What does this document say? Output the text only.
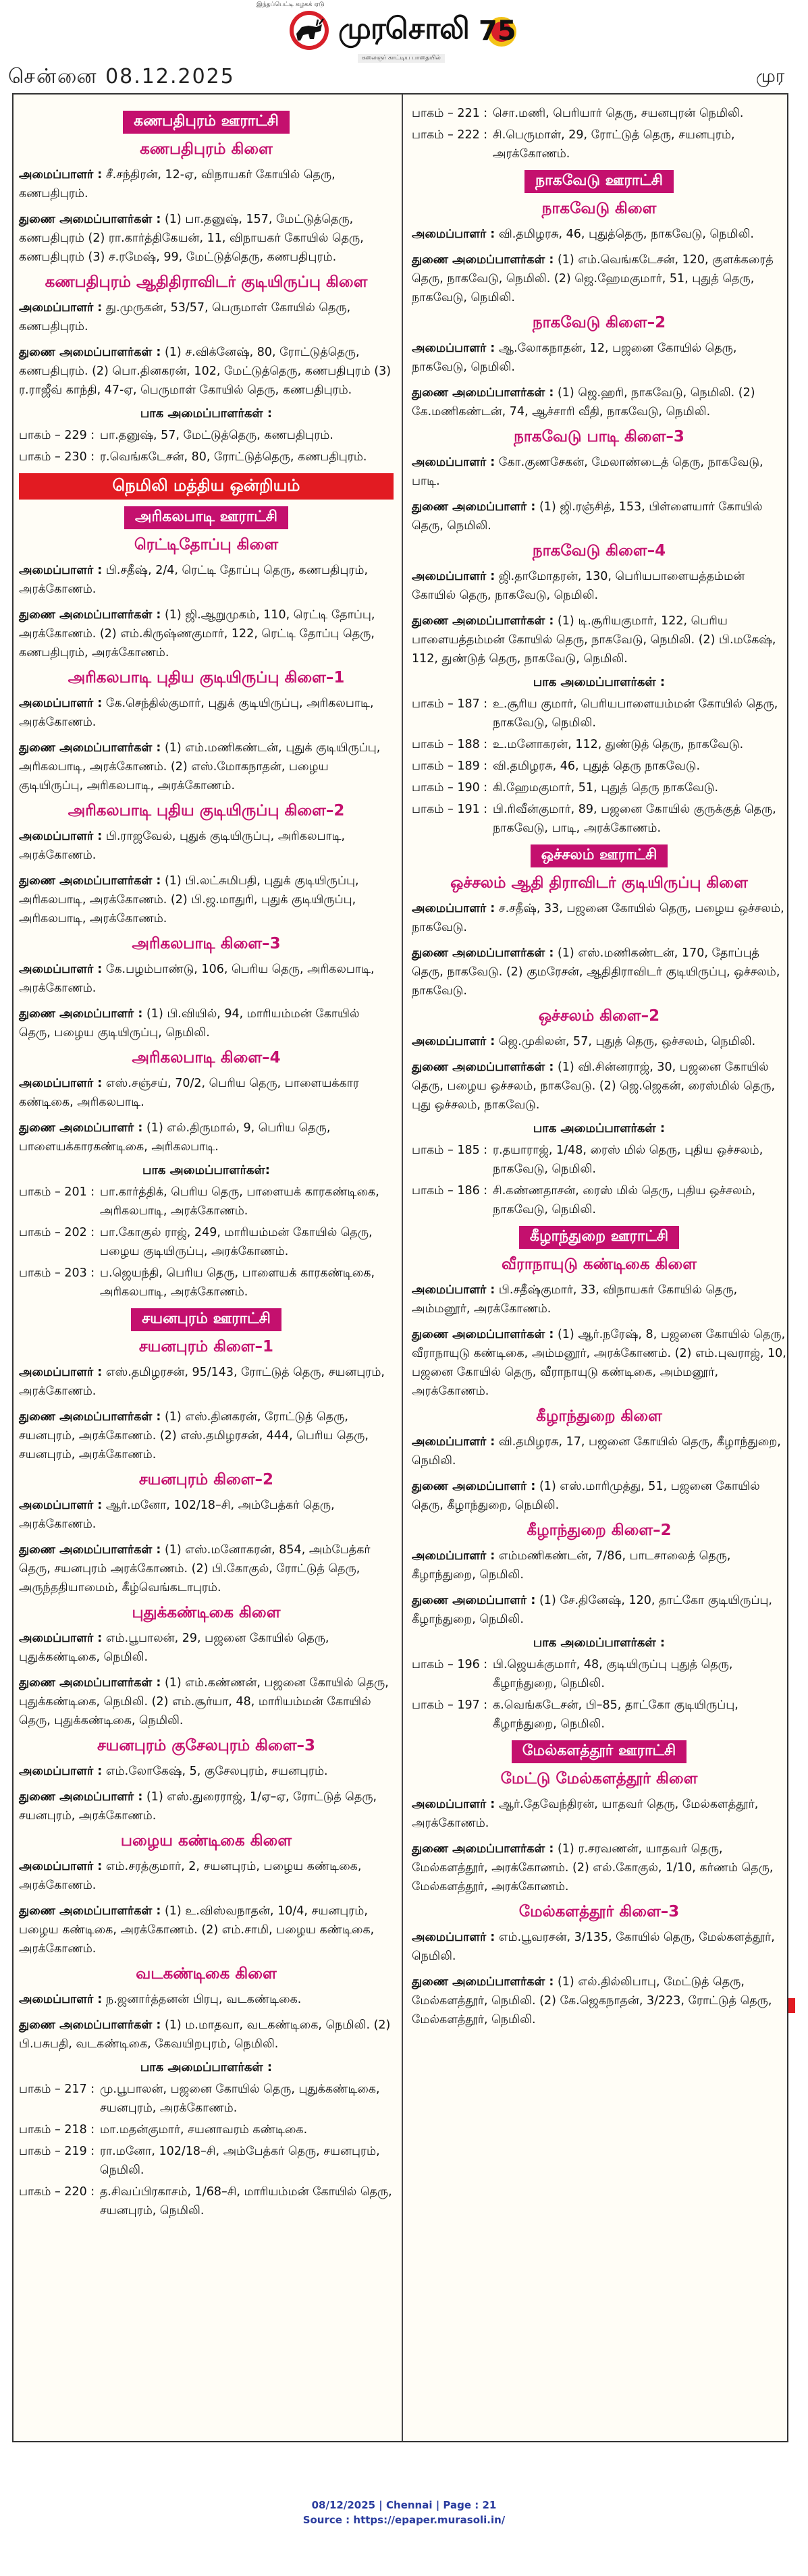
இந்தப்பெட்டி கழகக் ஏடு
முரசொலி 75
கலைஞர் காட்டிய பாதையில்
சென்னை 08.12.2025	முர
கணபதிபுரம் ஊராட்சி
கணபதிபுரம் கிளை

அமைப்பாளர் : சீ.சந்திரன், 12-ஏ, விநாயகர் கோயில் தெரு, கணபதிபுரம்.

துணை அமைப்பாளர்கள் : (1) பா.தனுஷ், 157, மேட்டுத்தெரு, கணபதிபுரம் (2) ரா.கார்த்திகேயன், 11, விநாயகர் கோயில் தெரு, கணபதிபுரம் (3) ச.ரமேஷ், 99, மேட்டுத்தெரு, கணபதிபுரம்.

கணபதிபுரம் ஆதிதிராவிடர் குடியிருப்பு கிளை

அமைப்பாளர் : து.முருகன், 53/57, பெருமாள் கோயில் தெரு, கணபதிபுரம்.

துணை அமைப்பாளர்கள் : (1) ச.விக்னேஷ், 80, ரோட்டுத்தெரு, கணபதிபுரம். (2) பொ.தினகரன், 102, மேட்டுத்தெரு, கணபதிபுரம் (3) ர.ராஜீவ் காந்தி, 47-ஏ, பெருமாள் கோயில் தெரு, கணபதிபுரம்.

பாக அமைப்பாளர்கள் :
பாகம் – 229 : பா.தனுஷ், 57, மேட்டுத்தெரு, கணபதிபுரம்.
பாகம் – 230 : ர.வெங்கடேசன், 80, ரோட்டுத்தெரு, கணபதிபுரம்.
நெமிலி மத்திய ஒன்றியம்
அரிகலபாடி ஊராட்சி
ரெட்டிதோப்பு கிளை

அமைப்பாளர் : பி.சதீஷ், 2/4, ரெட்டி தோப்பு தெரு, கணபதிபுரம், அரக்கோணம்.

துணை அமைப்பாளர்கள் : (1) ஜி.ஆறுமுகம், 110, ரெட்டி தோப்பு, அரக்கோணம். (2) எம்.கிருஷ்ணகுமார், 122, ரெட்டி தோப்பு தெரு, கணபதிபுரம், அரக்கோணம்.

அரிகலபாடி புதிய குடியிருப்பு கிளை–1

அமைப்பாளர் : கே.செந்தில்குமார், புதுக் குடியிருப்பு, அரிகலபாடி, அரக்கோணம்.

துணை அமைப்பாளர்கள் : (1) எம்.மணிகண்டன், புதுக் குடியிருப்பு, அரிகலபாடி, அரக்கோணம். (2) எஸ்.மோகநாதன், பழைய குடியிருப்பு, அரிகலபாடி, அரக்கோணம்.

அரிகலபாடி புதிய குடியிருப்பு கிளை–2

அமைப்பாளர் : பி.ராஜவேல், புதுக் குடியிருப்பு, அரிகலபாடி, அரக்கோணம்.

துணை அமைப்பாளர்கள் : (1) பி.லட்சுமிபதி, புதுக் குடியிருப்பு, அரிகலபாடி, அரக்கோணம். (2) பி.ஜ.மாதுரி, புதுக் குடியிருப்பு, அரிகலபாடி, அரக்கோணம்.

அரிகலபாடி கிளை–3

அமைப்பாளர் : கே.பழம்பாண்டு, 106, பெரிய தெரு, அரிகலபாடி, அரக்கோணம்.

துணை அமைப்பாளர் : (1) பி.வியில், 94, மாரியம்மன் கோயில் தெரு, பழைய குடியிருப்பு, நெமிலி.

அரிகலபாடி கிளை–4

அமைப்பாளர் : எஸ்.சஞ்சய், 70/2, பெரிய தெரு, பாளையக்கார கண்டிகை, அரிகலபாடி.

துணை அமைப்பாளர் : (1) எல்.திருமால், 9, பெரிய தெரு, பாளையக்காரகண்டிகை, அரிகலபாடி.

பாக அமைப்பாளர்கள்:
பாகம் – 201 : பா.கார்த்திக், பெரிய தெரு, பாளையக் காரகண்டிகை, அரிகலபாடி, அரக்கோணம்.
பாகம் – 202 : பா.கோகுல் ராஜ், 249, மாரியம்மன் கோயில் தெரு, பழைய குடியிருப்பு, அரக்கோணம்.
பாகம் – 203 : ப.ஜெயந்தி, பெரிய தெரு, பாளையக் காரகண்டிகை, அரிகலபாடி, அரக்கோணம்.
சயனபுரம் ஊராட்சி
சயனபுரம் கிளை–1

அமைப்பாளர் : எஸ்.தமிழரசன், 95/143, ரோட்டுத் தெரு, சயனபுரம், அரக்கோணம்.

துணை அமைப்பாளர்கள் : (1) எஸ்.தினகரன், ரோட்டுத் தெரு, சயனபுரம், அரக்கோணம். (2) எஸ்.தமிழரசன், 444, பெரிய தெரு, சயனபுரம், அரக்கோணம்.

சயனபுரம் கிளை–2

அமைப்பாளர் : ஆர்.மனோ, 102/18–சி, அம்பேத்கர் தெரு, அரக்கோணம்.

துணை அமைப்பாளர்கள் : (1) எஸ்.மனோகரன், 854, அம்பேத்கர் தெரு, சயனபுரம் அரக்கோணம். (2) பி.கோகுல், ரோட்டுத் தெரு, அருந்ததியாமைம், கீழ்வெங்கடாபுரம்.

புதுக்கண்டிகை கிளை

அமைப்பாளர் : எம்.பூபாலன், 29, பஜனை கோயில் தெரு, புதுக்கண்டிகை, நெமிலி.

துணை அமைப்பாளர்கள் : (1) எம்.கண்ணன், பஜனை கோயில் தெரு, புதுக்கண்டிகை, நெமிலி. (2) எம்.சூர்யா, 48, மாரியம்மன் கோயில் தெரு, புதுக்கண்டிகை, நெமிலி.

சயனபுரம் குசேலபுரம் கிளை–3

அமைப்பாளர் : எம்.லோகேஷ், 5, குசேலபுரம், சயனபுரம்.

துணை அமைப்பாளர் : (1) எஸ்.துரைராஜ், 1/ஏ–ஏ, ரோட்டுத் தெரு, சயனபுரம், அரக்கோணம்.

பழைய கண்டிகை கிளை

அமைப்பாளர் : எம்.சரத்குமார், 2, சயனபுரம், பழைய கண்டிகை, அரக்கோணம்.

துணை அமைப்பாளர்கள் : (1) உ.விஸ்வநாதன், 10/4, சயனபுரம், பழைய கண்டிகை, அரக்கோணம். (2) எம்.சாமி, பழைய கண்டிகை, அரக்கோணம்.

வடகண்டிகை கிளை

அமைப்பாளர் : ந.ஜனார்த்தனன் பிரபு, வடகண்டிகை.

துணை அமைப்பாளர்கள் : (1) ம.மாதவா, வடகண்டிகை, நெமிலி. (2) பி.பசுபதி, வடகண்டிகை, கேவயிறபுரம், நெமிலி.

பாக அமைப்பாளர்கள் :
பாகம் – 217 : மு.பூபாலன், பஜனை கோயில் தெரு, புதுக்கண்டிகை, சயனபுரம், அரக்கோணம்.
பாகம் – 218 : மா.மதன்குமார், சயனாவரம் கண்டிகை.
பாகம் – 219 : ரா.மனோ, 102/18–சி, அம்பேத்கர் தெரு, சயனபுரம், நெமிலி.
பாகம் – 220 : த.சிவப்பிரகாசம், 1/68–சி, மாரியம்மன் கோயில் தெரு, சயனபுரம், நெமிலி.
பாகம் – 221 : சொ.மணி, பெரியார் தெரு, சயனபுரன் நெமிலி.
பாகம் – 222 : சி.பெருமாள், 29, ரோட்டுத் தெரு, சயனபுரம், அரக்கோணம்.
நாகவேடு ஊராட்சி
நாகவேடு கிளை

அமைப்பாளர் : வி.தமிழரசு, 46, புதுத்தெரு, நாகவேடு, நெமிலி.

துணை அமைப்பாளர்கள் : (1) எம்.வெங்கடேசன், 120, குளக்கரைத் தெரு, நாகவேடு, நெமிலி. (2) ஜெ.ஹேமகுமார், 51, புதுத் தெரு, நாகவேடு, நெமிலி.

நாகவேடு கிளை–2

அமைப்பாளர் : ஆ.லோகநாதன், 12, பஜனை கோயில் தெரு, நாகவேடு, நெமிலி.

துணை அமைப்பாளர்கள் : (1) ஜெ.ஹரி, நாகவேடு, நெமிலி. (2) கே.மணிகண்டன், 74, ஆச்சாரி வீதி, நாகவேடு, நெமிலி.

நாகவேடு பாடி கிளை–3

அமைப்பாளர் : கோ.குணசேகன், மேலாண்டைத் தெரு, நாகவேடு, பாடி.

துணை அமைப்பாளர் : (1) ஜி.ரஞ்சித், 153, பிள்ளையார் கோயில் தெரு, நெமிலி.

நாகவேடு கிளை–4

அமைப்பாளர் : ஜி.தாமோதரன், 130, பெரியபாளையத்தம்மன் கோயில் தெரு, நாகவேடு, நெமிலி.

துணை அமைப்பாளர்கள் : (1) டி.சூரியகுமார், 122, பெரிய பாளையத்தம்மன் கோயில் தெரு, நாகவேடு, நெமிலி. (2) பி.மகேஷ், 112, துண்டுத் தெரு, நாகவேடு, நெமிலி.

பாக அமைப்பாளர்கள் :
பாகம் – 187 : உ.சூரிய குமார், பெரியபாளையம்மன் கோயில் தெரு, நாகவேடு, நெமிலி.
பாகம் – 188 : உ.மனோகரன், 112, துண்டுத் தெரு, நாகவேடு.
பாகம் – 189 : வி.தமிழரசு, 46, புதுத் தெரு நாகவேடு.
பாகம் – 190 : கி.ஹேமகுமார், 51, புதுத் தெரு நாகவேடு.
பாகம் – 191 : பி.ரிவீன்குமார், 89, பஜனை கோயில் குருக்குத் தெரு, நாகவேடு, பாடி, அரக்கோணம்.
ஒச்சலம் ஊராட்சி
ஒச்சலம் ஆதி திராவிடர் குடியிருப்பு கிளை

அமைப்பாளர் : ச.சதீஷ், 33, பஜனை கோயில் தெரு, பழைய ஒச்சலம், நாகவேடு.

துணை அமைப்பாளர்கள் : (1) எஸ்.மணிகண்டன், 170, தோப்புத் தெரு, நாகவேடு. (2) குமரேசன், ஆதிதிராவிடர் குடியிருப்பு, ஒச்சலம், நாகவேடு.

ஒச்சலம் கிளை–2

அமைப்பாளர் : ஜெ.முகிலன், 57, புதுத் தெரு, ஒச்சலம், நெமிலி.

துணை அமைப்பாளர்கள் : (1) வி.சின்னராஜ், 30, பஜனை கோயில் தெரு, பழைய ஒச்சலம், நாகவேடு. (2) ஜெ.ஜெகன், ரைஸ்மில் தெரு, புது ஒச்சலம், நாகவேடு.

பாக அமைப்பாளர்கள் :
பாகம் – 185 : ர.தயாராஜ், 1/48, ரைஸ் மில் தெரு, புதிய ஒச்சலம், நாகவேடு, நெமிலி.
பாகம் – 186 : சி.கண்ணதாசன், ரைஸ் மில் தெரு, புதிய ஒச்சலம், நாகவேடு, நெமிலி.
கீழாந்துறை ஊராட்சி
வீராநாயுடு கண்டிகை கிளை

அமைப்பாளர் : பி.சதீஷ்குமார், 33, விநாயகர் கோயில் தெரு, அம்மனூர், அரக்கோணம்.

துணை அமைப்பாளர்கள் : (1) ஆர்.நரேஷ், 8, பஜனை கோயில் தெரு, வீராநாயுடு கண்டிகை, அம்மனூர், அரக்கோணம். (2) எம்.புவராஜ், 10, பஜனை கோயில் தெரு, வீராநாயுடு கண்டிகை, அம்மனூர், அரக்கோணம்.

கீழாந்துறை கிளை

அமைப்பாளர் : வி.தமிழரசு, 17, பஜனை கோயில் தெரு, கீழாந்துறை, நெமிலி.

துணை அமைப்பாளர் : (1) எஸ்.மாரிமுத்து, 51, பஜனை கோயில் தெரு, கீழாந்துறை, நெமிலி.

கீழாந்துறை கிளை–2

அமைப்பாளர் : எம்மணிகண்டன், 7/86, பாடசாலைத் தெரு, கீழாந்துறை, நெமிலி.

துணை அமைப்பாளர் : (1) சே.தினேஷ், 120, தாட்கோ குடியிருப்பு, கீழாந்துறை, நெமிலி.

பாக அமைப்பாளர்கள் :
பாகம் – 196 : பி.ஜெயக்குமார், 48, குடியிருப்பு புதுத் தெரு, கீழாந்துறை, நெமிலி.
பாகம் – 197 : க.வெங்கடேசன், பி–85, தாட்கோ குடியிருப்பு, கீழாந்துறை, நெமிலி.
மேல்களத்தூர் ஊராட்சி
மேட்டு மேல்களத்தூர் கிளை

அமைப்பாளர் : ஆர்.தேவேந்திரன், யாதவர் தெரு, மேல்களத்தூர், அரக்கோணம்.

துணை அமைப்பாளர்கள் : (1) ர.சரவணன், யாதவர் தெரு, மேல்களத்தூர், அரக்கோணம். (2) எல்.கோகுல், 1/10, கர்ணம் தெரு, மேல்களத்தூர், அரக்கோணம்.

மேல்களத்தூர் கிளை–3

அமைப்பாளர் : எம்.பூவரசன், 3/135, கோயில் தெரு, மேல்களத்தூர், நெமிலி.

துணை அமைப்பாளர்கள் : (1) எல்.தில்லிபாபு, மேட்டுத் தெரு, மேல்களத்தூர், நெமிலி. (2) கே.ஜெகநாதன், 3/223, ரோட்டுத் தெரு, மேல்களத்தூர், நெமிலி.

08/12/2025 | Chennai | Page : 21
Source : https://epaper.murasoli.in/
